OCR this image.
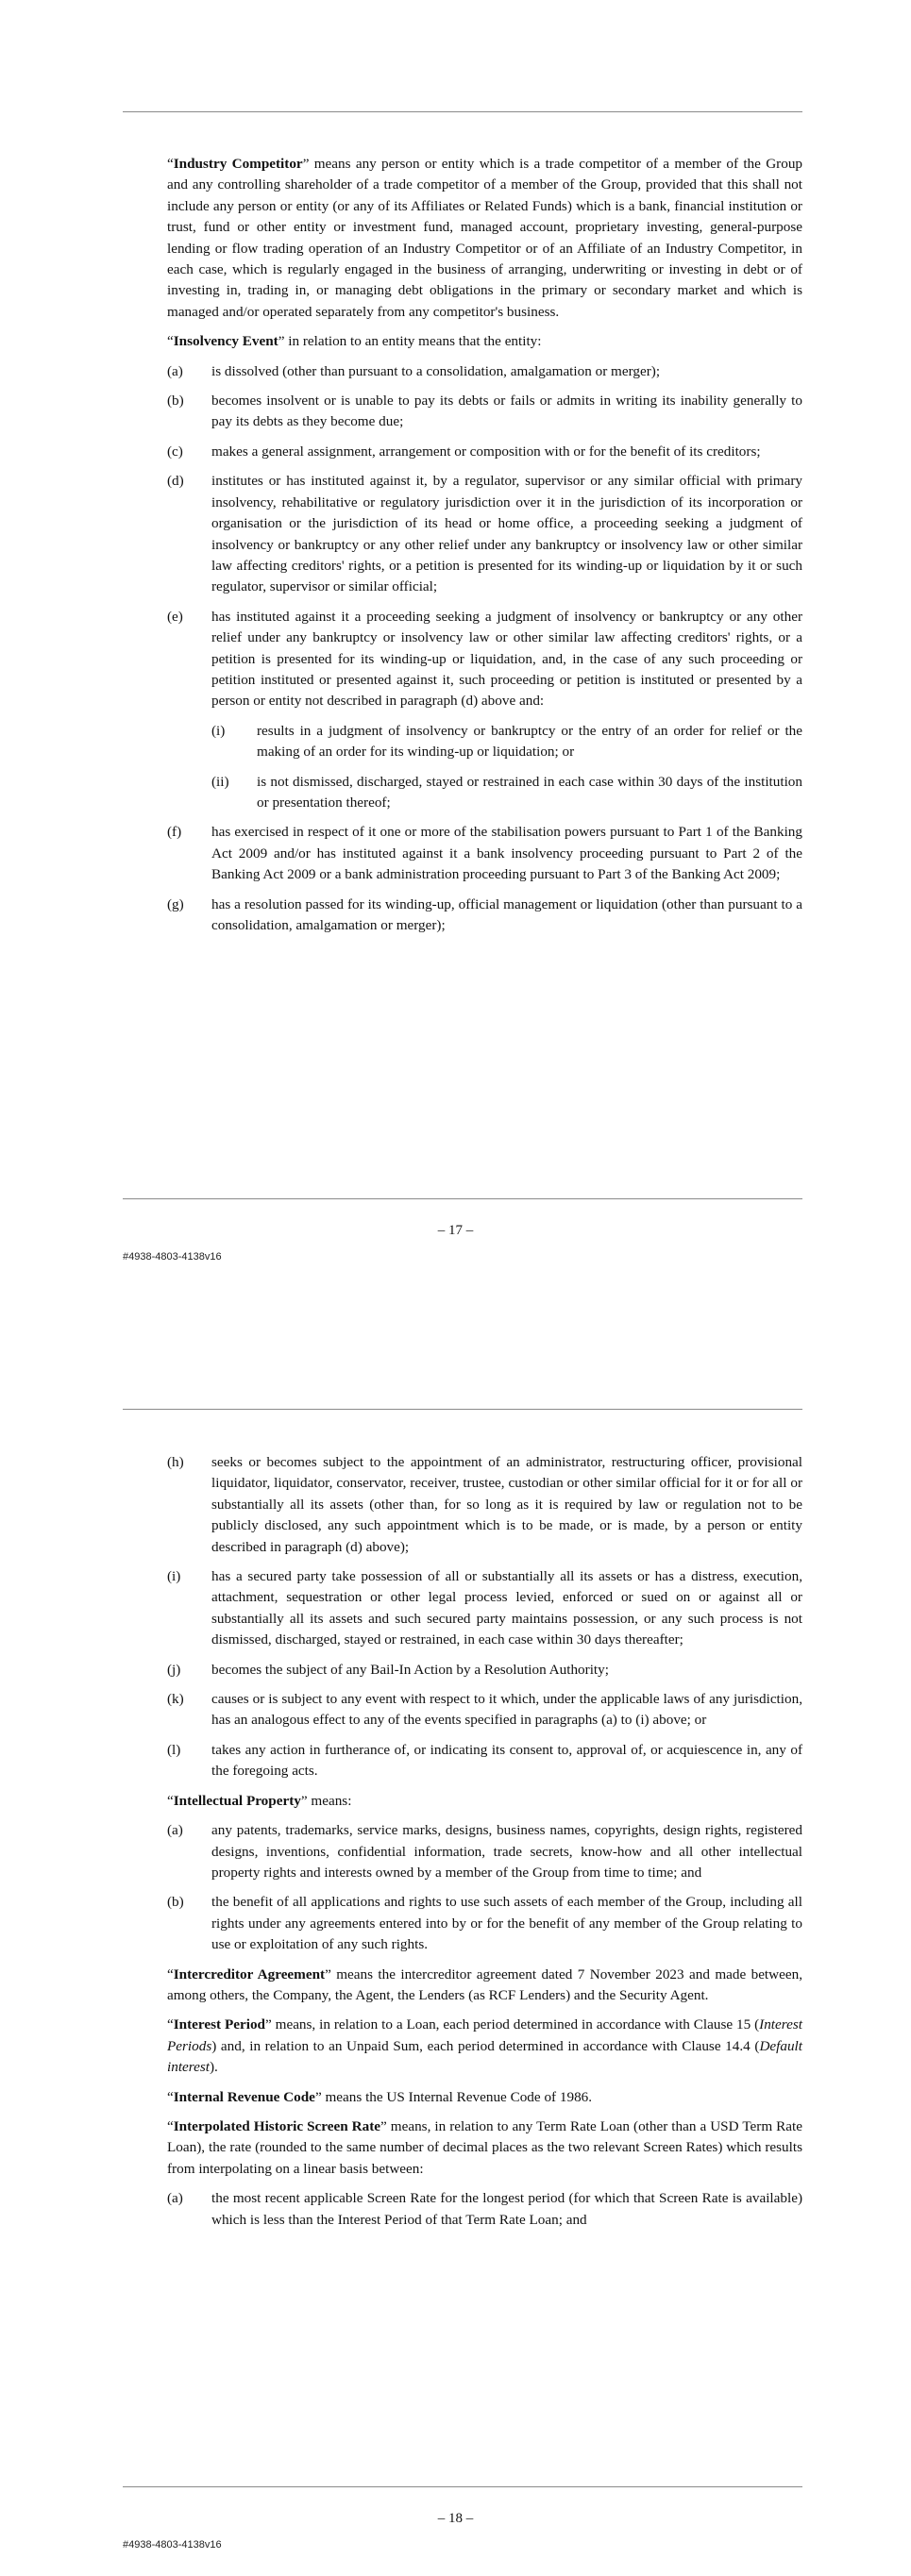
“Industry Competitor” means any person or entity which is a trade competitor of a member of the Group and any controlling shareholder of a trade competitor of a member of the Group, provided that this shall not include any person or entity (or any of its Affiliates or Related Funds) which is a bank, financial institution or trust, fund or other entity or investment fund, managed account, proprietary investing, general-purpose lending or flow trading operation of an Industry Competitor or of an Affiliate of an Industry Competitor, in each case, which is regularly engaged in the business of arranging, underwriting or investing in debt or of investing in, trading in, or managing debt obligations in the primary or secondary market and which is managed and/or operated separately from any competitor's business.

“Insolvency Event” in relation to an entity means that the entity:

(a) is dissolved (other than pursuant to a consolidation, amalgamation or merger);
(b) becomes insolvent or is unable to pay its debts or fails or admits in writing its inability generally to pay its debts as they become due;
(c) makes a general assignment, arrangement or composition with or for the benefit of its creditors;
(d) institutes or has instituted against it, by a regulator, supervisor or any similar official with primary insolvency, rehabilitative or regulatory jurisdiction over it in the jurisdiction of its incorporation or organisation or the jurisdiction of its head or home office, a proceeding seeking a judgment of insolvency or bankruptcy or any other relief under any bankruptcy or insolvency law or other similar law affecting creditors' rights, or a petition is presented for its winding-up or liquidation by it or such regulator, supervisor or similar official;
(e) has instituted against it a proceeding seeking a judgment of insolvency or bankruptcy or any other relief under any bankruptcy or insolvency law or other similar law affecting creditors' rights, or a petition is presented for its winding-up or liquidation, and, in the case of any such proceeding or petition instituted or presented against it, such proceeding or petition is instituted or presented by a person or entity not described in paragraph (d) above and:
(i) results in a judgment of insolvency or bankruptcy or the entry of an order for relief or the making of an order for its winding-up or liquidation; or
(ii) is not dismissed, discharged, stayed or restrained in each case within 30 days of the institution or presentation thereof;
(f) has exercised in respect of it one or more of the stabilisation powers pursuant to Part 1 of the Banking Act 2009 and/or has instituted against it a bank insolvency proceeding pursuant to Part 2 of the Banking Act 2009 or a bank administration proceeding pursuant to Part 3 of the Banking Act 2009;
(g) has a resolution passed for its winding-up, official management or liquidation (other than pursuant to a consolidation, amalgamation or merger);
– 17 –
#4938-4803-4138v16
(h) seeks or becomes subject to the appointment of an administrator, restructuring officer, provisional liquidator, liquidator, conservator, receiver, trustee, custodian or other similar official for it or for all or substantially all its assets (other than, for so long as it is required by law or regulation not to be publicly disclosed, any such appointment which is to be made, or is made, by a person or entity described in paragraph (d) above);
(i) has a secured party take possession of all or substantially all its assets or has a distress, execution, attachment, sequestration or other legal process levied, enforced or sued on or against all or substantially all its assets and such secured party maintains possession, or any such process is not dismissed, discharged, stayed or restrained, in each case within 30 days thereafter;
(j) becomes the subject of any Bail-In Action by a Resolution Authority;
(k) causes or is subject to any event with respect to it which, under the applicable laws of any jurisdiction, has an analogous effect to any of the events specified in paragraphs (a) to (i) above; or
(l) takes any action in furtherance of, or indicating its consent to, approval of, or acquiescence in, any of the foregoing acts.

“Intellectual Property” means:

(a) any patents, trademarks, service marks, designs, business names, copyrights, design rights, registered designs, inventions, confidential information, trade secrets, know-how and all other intellectual property rights and interests owned by a member of the Group from time to time; and
(b) the benefit of all applications and rights to use such assets of each member of the Group, including all rights under any agreements entered into by or for the benefit of any member of the Group relating to use or exploitation of any such rights.

“Intercreditor Agreement” means the intercreditor agreement dated 7 November 2023 and made between, among others, the Company, the Agent, the Lenders (as RCF Lenders) and the Security Agent.

“Interest Period” means, in relation to a Loan, each period determined in accordance with Clause 15 (Interest Periods) and, in relation to an Unpaid Sum, each period determined in accordance with Clause 14.4 (Default interest).

“Internal Revenue Code” means the US Internal Revenue Code of 1986.

“Interpolated Historic Screen Rate” means, in relation to any Term Rate Loan (other than a USD Term Rate Loan), the rate (rounded to the same number of decimal places as the two relevant Screen Rates) which results from interpolating on a linear basis between:

(a) the most recent applicable Screen Rate for the longest period (for which that Screen Rate is available) which is less than the Interest Period of that Term Rate Loan; and
– 18 –
#4938-4803-4138v16
